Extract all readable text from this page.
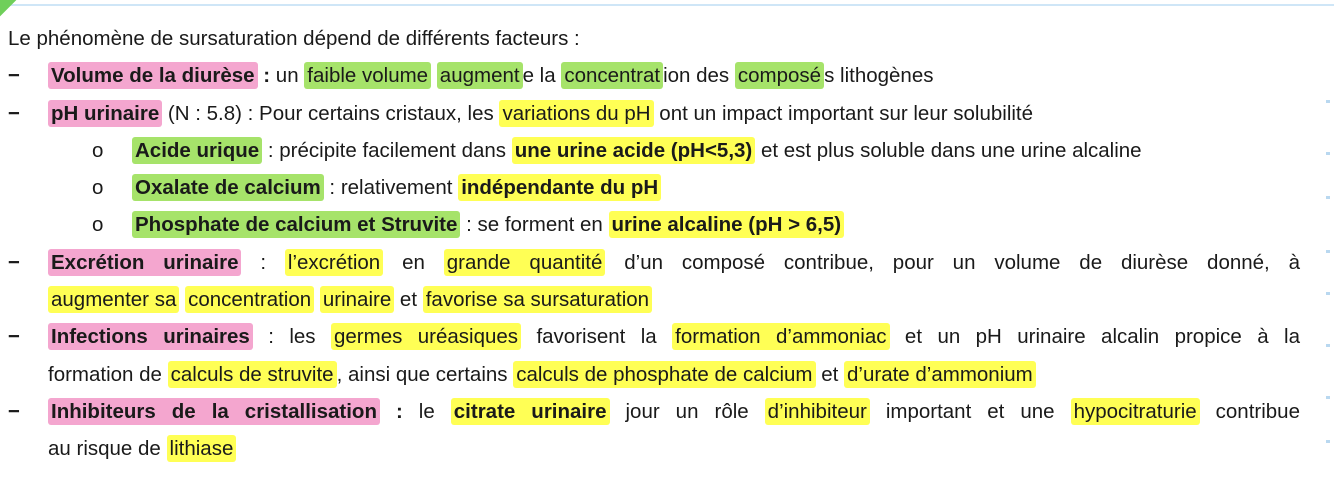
Le phénomène de sursaturation dépend de différents facteurs :
−	Volume de la diurèse : un faible volume augment e la concentrat ion des composé s lithogènes
−	pH urinaire (N : 5.8) : Pour certains cristaux, les variations du pH ont un impact important sur leur solubilité
o	Acide urique : précipite facilement dans une urine acide (pH<5,3) et est plus soluble dans une urine alcaline
o	Oxalate de calcium : relativement indépendante du pH
o	Phosphate de calcium et Struvite : se forment en urine alcaline (pH > 6,5)
−	Excrétion urinaire : l’excrétion en grande quantité d’un composé contribue, pour un volume de diurèse donné, à
augmenter sa concentration urinaire et favorise sa sursaturation
−	Infections urinaires : les germes uréasiques favorisent la formation d’ammoniac et un pH urinaire alcalin propice à la
formation de calculs de struvite , ainsi que certains calculs de phosphate de calcium et d’urate d’ammonium
−	Inhibiteurs de la cristallisation : le citrate urinaire jour un rôle d’inhibiteur important et une hypocitraturie contribue
au risque de lithiase
